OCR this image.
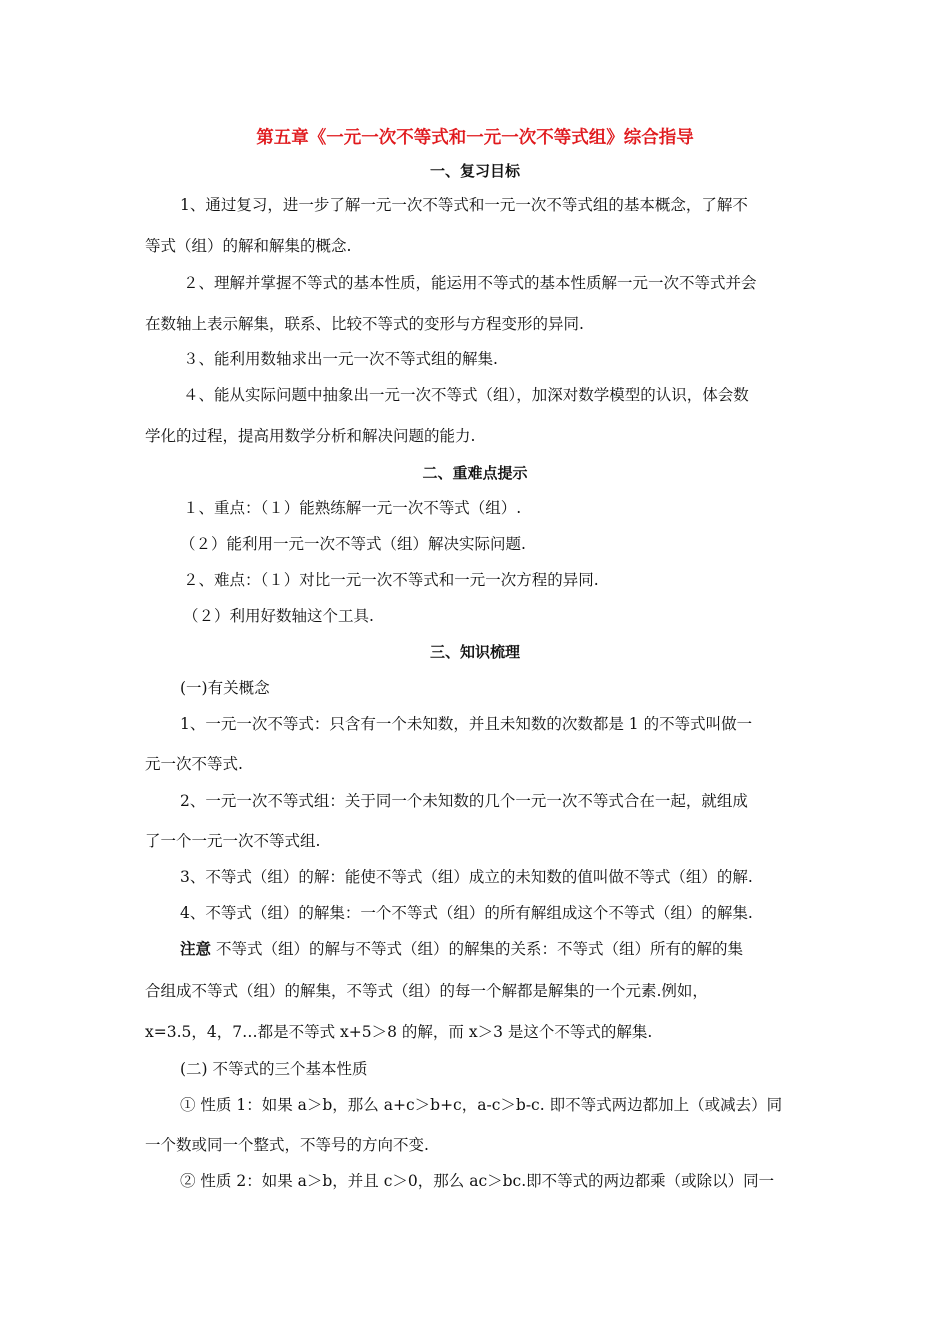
第五章《一元一次不等式和一元一次不等式组》综合指导
一、复习目标
1、通过复习，进一步了解一元一次不等式和一元一次不等式组的基本概念，了解不
等式（组）的解和解集的概念.
２、理解并掌握不等式的基本性质，能运用不等式的基本性质解一元一次不等式并会
在数轴上表示解集，联系、比较不等式的变形与方程变形的异同.
３、能利用数轴求出一元一次不等式组的解集.
４、能从实际问题中抽象出一元一次不等式（组），加深对数学模型的认识，体会数
学化的过程，提高用数学分析和解决问题的能力.
二、重难点提示
１、重点：（１）能熟练解一元一次不等式（组）.
（２）能利用一元一次不等式（组）解决实际问题.
２、难点：（１）对比一元一次不等式和一元一次方程的异同.
（２）利用好数轴这个工具.
三、知识梳理
(一)有关概念
1、一元一次不等式：只含有一个未知数，并且未知数的次数都是 1 的不等式叫做一
元一次不等式.
2、一元一次不等式组：关于同一个未知数的几个一元一次不等式合在一起，就组成
了一个一元一次不等式组.
3、不等式（组）的解：能使不等式（组）成立的未知数的值叫做不等式（组）的解.
4、不等式（组）的解集：一个不等式（组）的所有解组成这个不等式（组）的解集.
注意 不等式（组）的解与不等式（组）的解集的关系：不等式（组）所有的解的集
合组成不等式（组）的解集，不等式（组）的每一个解都是解集的一个元素.例如，
x=3.5，4，7…都是不等式 x+5＞8 的解，而 x＞3 是这个不等式的解集.
(二) 不等式的三个基本性质
① 性质 1：如果 a＞b，那么 a+c＞b+c，a-c＞b-c. 即不等式两边都加上（或减去）同
一个数或同一个整式，不等号的方向不变.
② 性质 2：如果 a＞b，并且 c＞0，那么 ac＞bc.即不等式的两边都乘（或除以）同一
